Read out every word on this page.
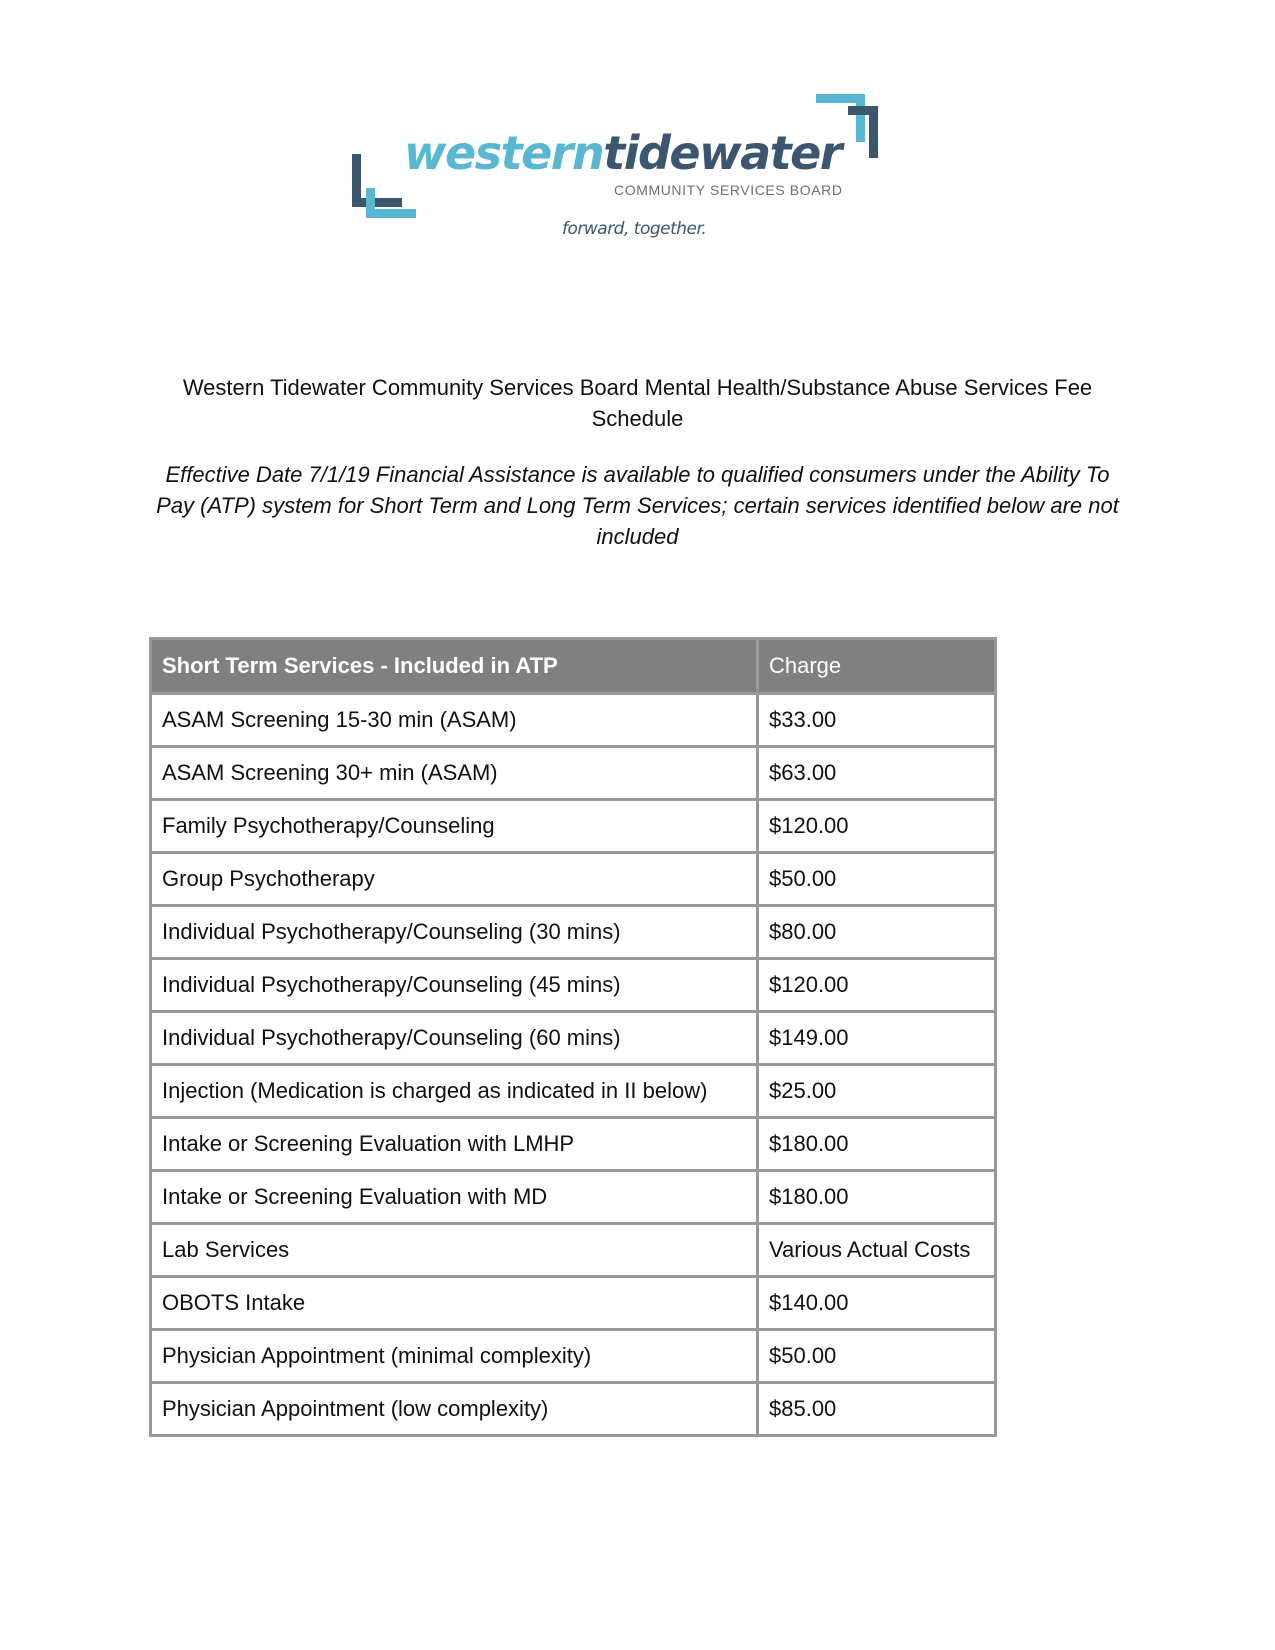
westerntidewater
COMMUNITY SERVICES BOARD
forward, together.
Western Tidewater Community Services Board Mental Health/Substance Abuse Services Fee Schedule
Effective Date 7/1/19 Financial Assistance is available to qualified consumers under the Ability To Pay (ATP) system for Short Term and Long Term Services; certain services identified below are not included
Short Term Services - Included in ATP	Charge
ASAM Screening 15-30 min (ASAM)	$33.00
ASAM Screening 30+ min (ASAM)	$63.00
Family Psychotherapy/Counseling	$120.00
Group Psychotherapy	$50.00
Individual Psychotherapy/Counseling (30 mins)	$80.00
Individual Psychotherapy/Counseling (45 mins)	$120.00
Individual Psychotherapy/Counseling (60 mins)	$149.00
Injection (Medication is charged as indicated in II below)	$25.00
Intake or Screening Evaluation with LMHP	$180.00
Intake or Screening Evaluation with MD	$180.00
Lab Services	Various Actual Costs
OBOTS Intake	$140.00
Physician Appointment (minimal complexity)	$50.00
Physician Appointment (low complexity)	$85.00
